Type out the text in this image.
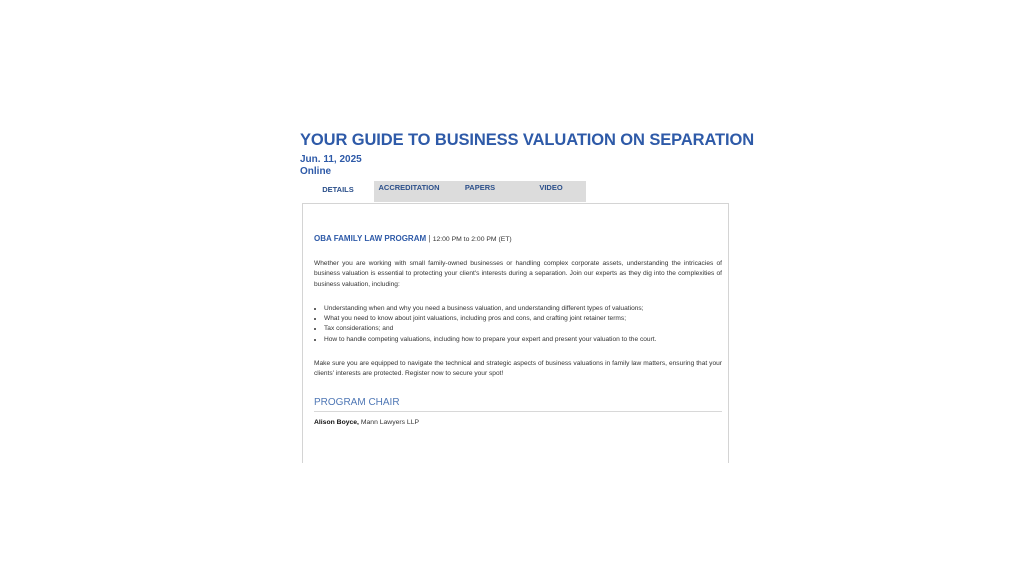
YOUR GUIDE TO BUSINESS VALUATION ON SEPARATION
Jun. 11, 2025
Online
DETAILS	ACCREDITATION	PAPERS	VIDEO
OBA FAMILY LAW PROGRAM | 12:00 PM to 2:00 PM (ET)

Whether you are working with small family-owned businesses or handling complex corporate assets, understanding the intricacies of business valuation is essential to protecting your client's interests during a separation. Join our experts as they dig into the complexities of business valuation, including:

• Understanding when and why you need a business valuation, and understanding different types of valuations;
• What you need to know about joint valuations, including pros and cons, and crafting joint retainer terms;
• Tax considerations; and
• How to handle competing valuations, including how to prepare your expert and present your valuation to the court.

Make sure you are equipped to navigate the technical and strategic aspects of business valuations in family law matters, ensuring that your clients' interests are protected. Register now to secure your spot!

PROGRAM CHAIR
Alison Boyce, Mann Lawyers LLP
